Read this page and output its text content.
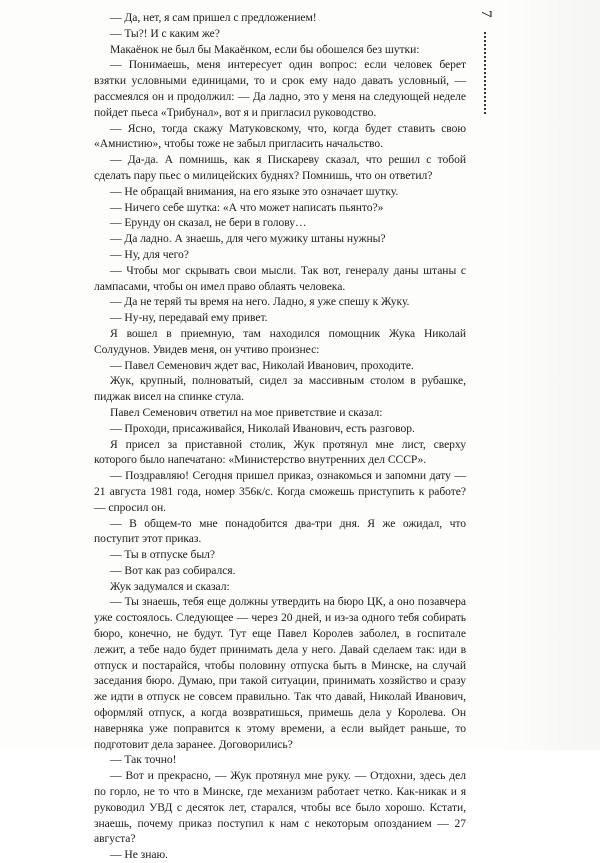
— Да, нет, я сам пришел с предложением!

— Ты?! И с каким же?

Макаёнок не был бы Макаёнком, если бы обошелся без шутки:

— Понимаешь, меня интересует один вопрос: если человек берет взятки условными единицами, то и срок ему надо давать условный, — рассмеялся он и продолжил: — Да ладно, это у меня на следующей неделе пойдет пьеса «Трибунал», вот я и пригласил руководство.

— Ясно, тогда скажу Матуковскому, что, когда будет ставить свою «Амнистию», чтобы тоже не забыл пригласить начальство.

— Да-да. А помнишь, как я Пискареву сказал, что решил с тобой сделать пару пьес о милицейских буднях? Помнишь, что он ответил?

— Не обращай внимания, на его языке это означает шутку.

— Ничего себе шутка: «А что может написать пьянто?»

— Ерунду он сказал, не бери в голову…

— Да ладно. А знаешь, для чего мужику штаны нужны?

— Ну, для чего?

— Чтобы мог скрывать свои мысли. Так вот, генералу даны штаны с лампасами, чтобы он имел право облаять человека.

— Да не теряй ты время на него. Ладно, я уже спешу к Жуку.

— Ну-ну, передавай ему привет.

Я вошел в приемную, там находился помощник Жука Николай Солудунов. Увидев меня, он учтиво произнес:

— Павел Семенович ждет вас, Николай Иванович, проходите.

Жук, крупный, полноватый, сидел за массивным столом в рубашке, пиджак висел на спинке стула.

Павел Семенович ответил на мое приветствие и сказал:

— Проходи, присаживайся, Николай Иванович, есть разговор.

Я присел за приставной столик, Жук протянул мне лист, сверху которого было напечатано: «Министерство внутренних дел СССР».

— Поздравляю! Сегодня пришел приказ, ознакомься и запомни дату — 21 августа 1981 года, номер 356к/с. Когда сможешь приступить к работе? — спросил он.

— В общем-то мне понадобится два-три дня. Я же ожидал, что поступит этот приказ.

— Ты в отпуске был?

— Вот как раз собирался.

Жук задумался и сказал:

— Ты знаешь, тебя еще должны утвердить на бюро ЦК, а оно позавчера уже состоялось. Следующее — через 20 дней, и из-за одного тебя собирать бюро, конечно, не будут. Тут еще Павел Королев заболел, в госпитале лежит, а тебе надо будет принимать дела у него. Давай сделаем так: иди в отпуск и постарайся, чтобы половину отпуска быть в Минске, на случай заседания бюро. Думаю, при такой ситуации, принимать хозяйство и сразу же идти в отпуск не совсем правильно. Так что давай, Николай Иванович, оформляй отпуск, а когда возвратишься, примешь дела у Королева. Он наверняка уже поправится к этому времени, а если выйдет раньше, то подготовит дела заранее. Договорились?

— Так точно!

— Вот и прекрасно, — Жук протянул мне руку. — Отдохни, здесь дел по горло, не то что в Минске, где механизм работает четко. Как-никак и я руководил УВД с десяток лет, старался, чтобы все было хорошо. Кстати, знаешь, почему приказ поступил к нам с некоторым опозданием — 27 августа?

— Не знаю.

7
